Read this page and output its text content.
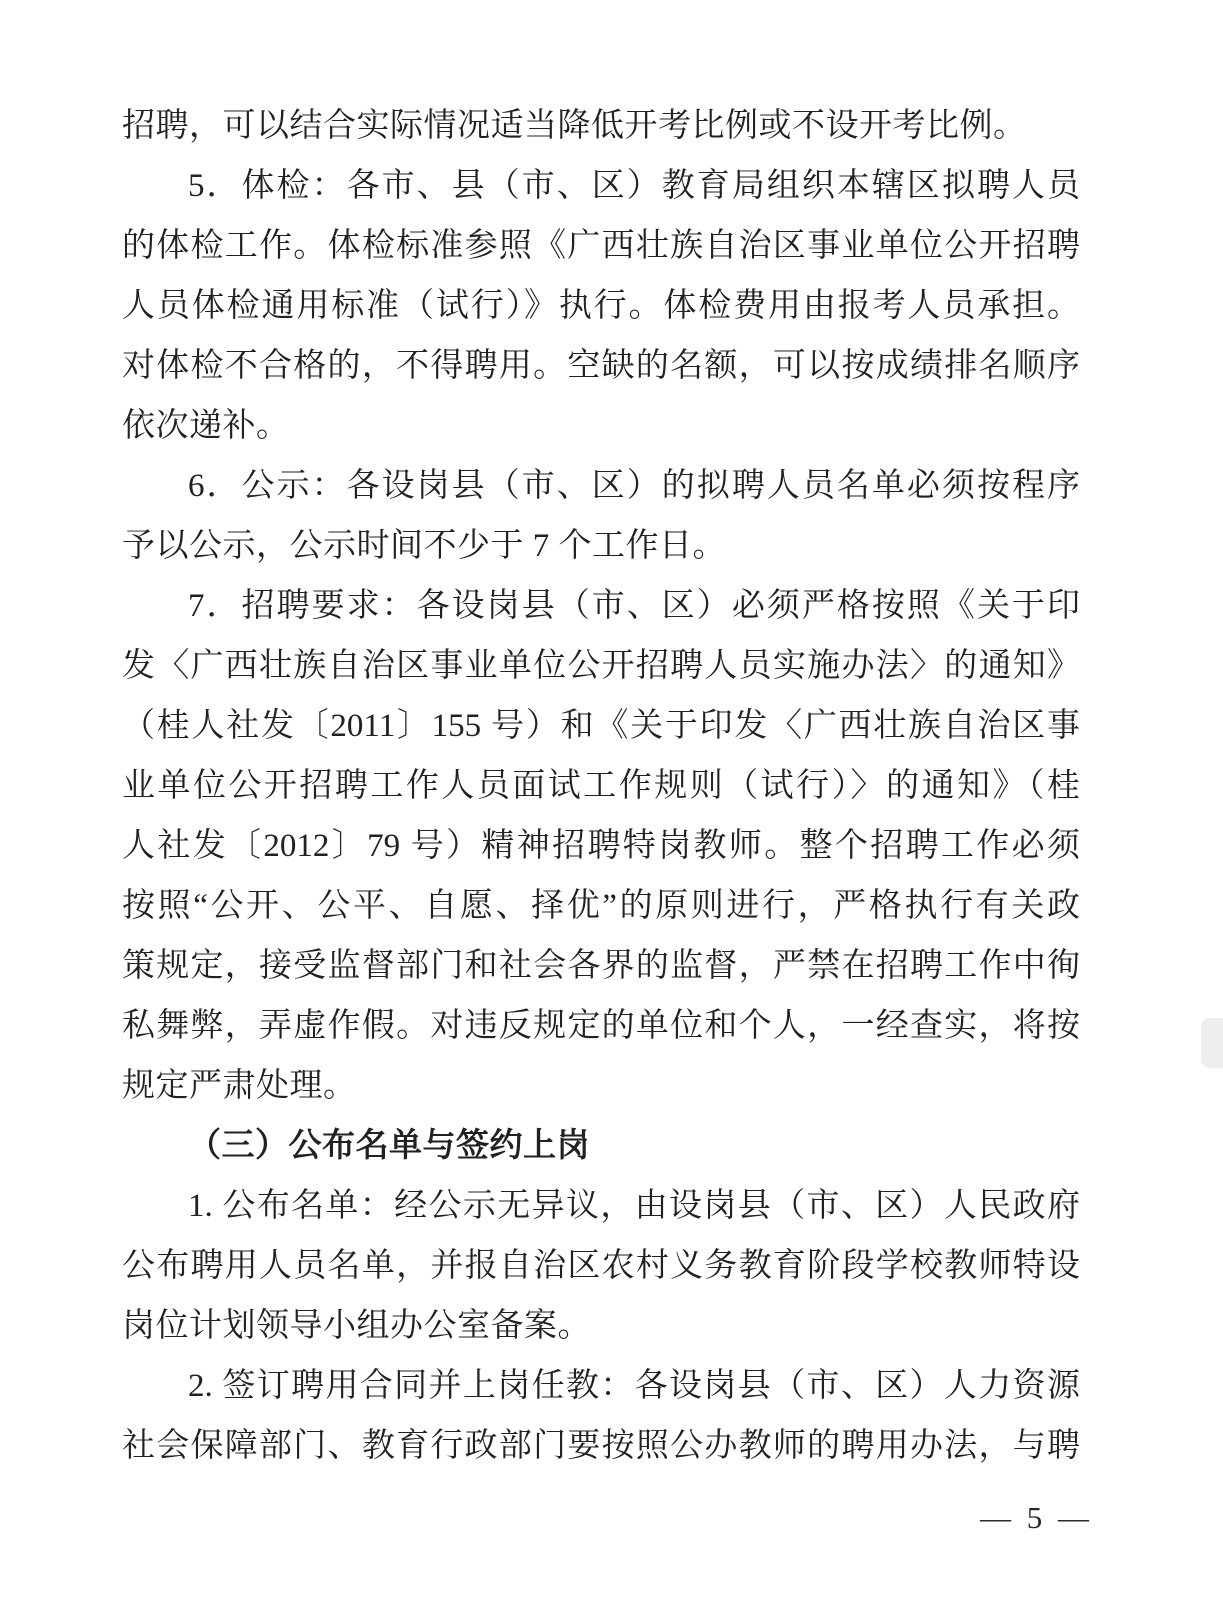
招聘，可以结合实际情况适当降低开考比例或不设开考比例。
5．体检：各市、县（市、区）教育局组织本辖区拟聘人员
的体检工作。体检标准参照《广西壮族自治区事业单位公开招聘
人员体检通用标准（试行）》执行。体检费用由报考人员承担。
对体检不合格的，不得聘用。空缺的名额，可以按成绩排名顺序
依次递补。
6．公示：各设岗县（市、区）的拟聘人员名单必须按程序
予以公示，公示时间不少于 7 个工作日。
7．招聘要求：各设岗县（市、区）必须严格按照《关于印
发〈广西壮族自治区事业单位公开招聘人员实施办法〉的通知》
（桂人社发〔2011〕155 号）和《关于印发〈广西壮族自治区事
业单位公开招聘工作人员面试工作规则（试行）〉的通知》（桂
人社发〔2012〕79 号）精神招聘特岗教师。整个招聘工作必须
按照“公开、公平、自愿、择优”的原则进行，严格执行有关政
策规定，接受监督部门和社会各界的监督，严禁在招聘工作中徇
私舞弊，弄虚作假。对违反规定的单位和个人，一经查实，将按
规定严肃处理。
（三）公布名单与签约上岗
1. 公布名单：经公示无异议，由设岗县（市、区）人民政府
公布聘用人员名单，并报自治区农村义务教育阶段学校教师特设
岗位计划领导小组办公室备案。
2. 签订聘用合同并上岗任教：各设岗县（市、区）人力资源
社会保障部门、教育行政部门要按照公办教师的聘用办法，与聘
— 5 —
